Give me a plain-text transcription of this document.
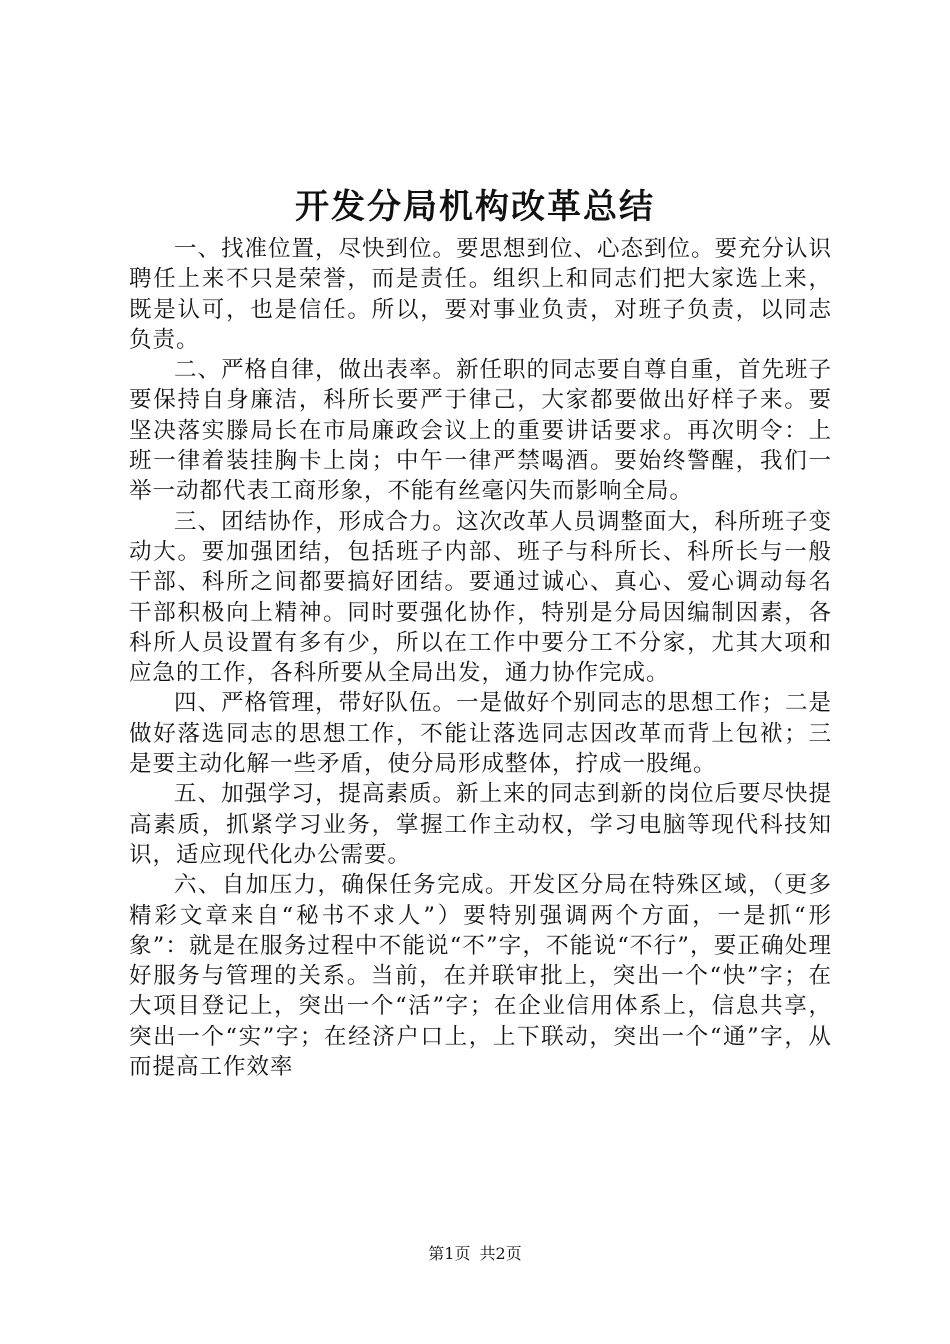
开发分局机构改革总结

一、找准位置，尽快到位。要思想到位、心态到位。要充分认识聘任上来不只是荣誉，而是责任。组织上和同志们把大家选上来，既是认可，也是信任。所以，要对事业负责，对班子负责，以同志负责。

二、严格自律，做出表率。新任职的同志要自尊自重，首先班子要保持自身廉洁，科所长要严于律己，大家都要做出好样子来。要坚决落实滕局长在市局廉政会议上的重要讲话要求。再次明令：上班一律着装挂胸卡上岗；中午一律严禁喝酒。要始终警醒，我们一举一动都代表工商形象，不能有丝毫闪失而影响全局。

三、团结协作，形成合力。这次改革人员调整面大，科所班子变动大。要加强团结，包括班子内部、班子与科所长、科所长与一般干部、科所之间都要搞好团结。要通过诚心、真心、爱心调动每名干部积极向上精神。同时要强化协作，特别是分局因编制因素，各科所人员设置有多有少，所以在工作中要分工不分家，尤其大项和应急的工作，各科所要从全局出发，通力协作完成。

四、严格管理，带好队伍。一是做好个别同志的思想工作；二是做好落选同志的思想工作，不能让落选同志因改革而背上包袱；三是要主动化解一些矛盾，使分局形成整体，拧成一股绳。

五、加强学习，提高素质。新上来的同志到新的岗位后要尽快提高素质，抓紧学习业务，掌握工作主动权，学习电脑等现代科技知识，适应现代化办公需要。

六、自加压力，确保任务完成。开发区分局在特殊区域，（更多精彩文章来自“秘书不求人”）要特别强调两个方面，一是抓“形象”：就是在服务过程中不能说“不”字，不能说“不行”，要正确处理好服务与管理的关系。当前，在并联审批上，突出一个“快”字；在大项目登记上，突出一个“活”字；在企业信用体系上，信息共享，突出一个“实”字；在经济户口上，上下联动，突出一个“通”字，从而提高工作效率

第1页 共2页
